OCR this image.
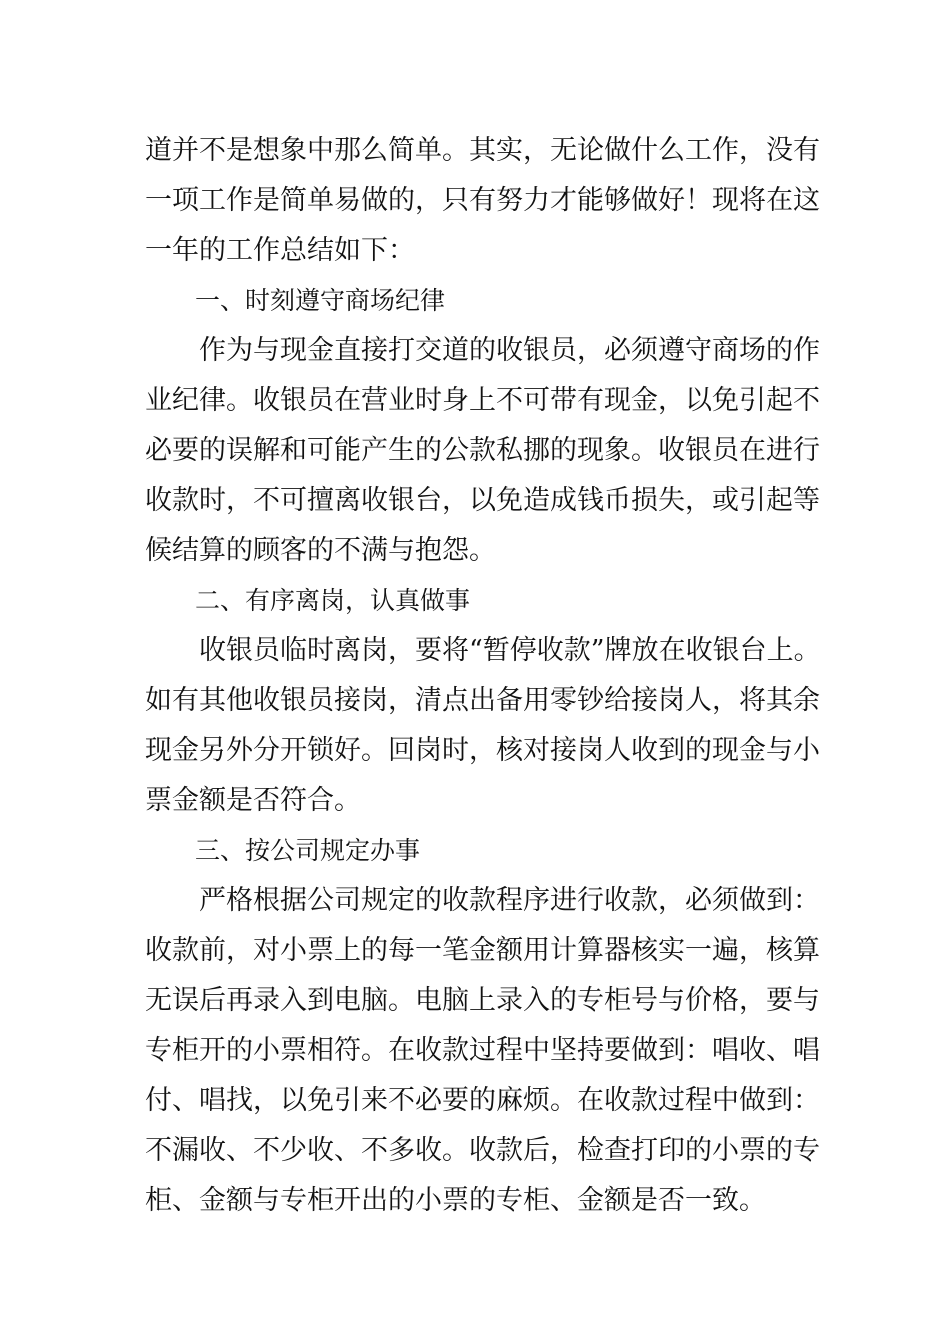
道并不是想象中那么简单。其实，无论做什么工作，没有
一项工作是简单易做的，只有努力才能够做好！现将在这
一年的工作总结如下：
一、时刻遵守商场纪律
作为与现金直接打交道的收银员，必须遵守商场的作
业纪律。收银员在营业时身上不可带有现金，以免引起不
必要的误解和可能产生的公款私挪的现象。收银员在进行
收款时，不可擅离收银台，以免造成钱币损失，或引起等
候结算的顾客的不满与抱怨。
二、有序离岗，认真做事
收银员临时离岗，要将“暂停收款”牌放在收银台上。
如有其他收银员接岗，清点出备用零钞给接岗人，将其余
现金另外分开锁好。回岗时，核对接岗人收到的现金与小
票金额是否符合。
三、按公司规定办事
严格根据公司规定的收款程序进行收款，必须做到：
收款前，对小票上的每一笔金额用计算器核实一遍，核算
无误后再录入到电脑。电脑上录入的专柜号与价格，要与
专柜开的小票相符。在收款过程中坚持要做到：唱收、唱
付、唱找，以免引来不必要的麻烦。在收款过程中做到：
不漏收、不少收、不多收。收款后，检查打印的小票的专
柜、金额与专柜开出的小票的专柜、金额是否一致。
